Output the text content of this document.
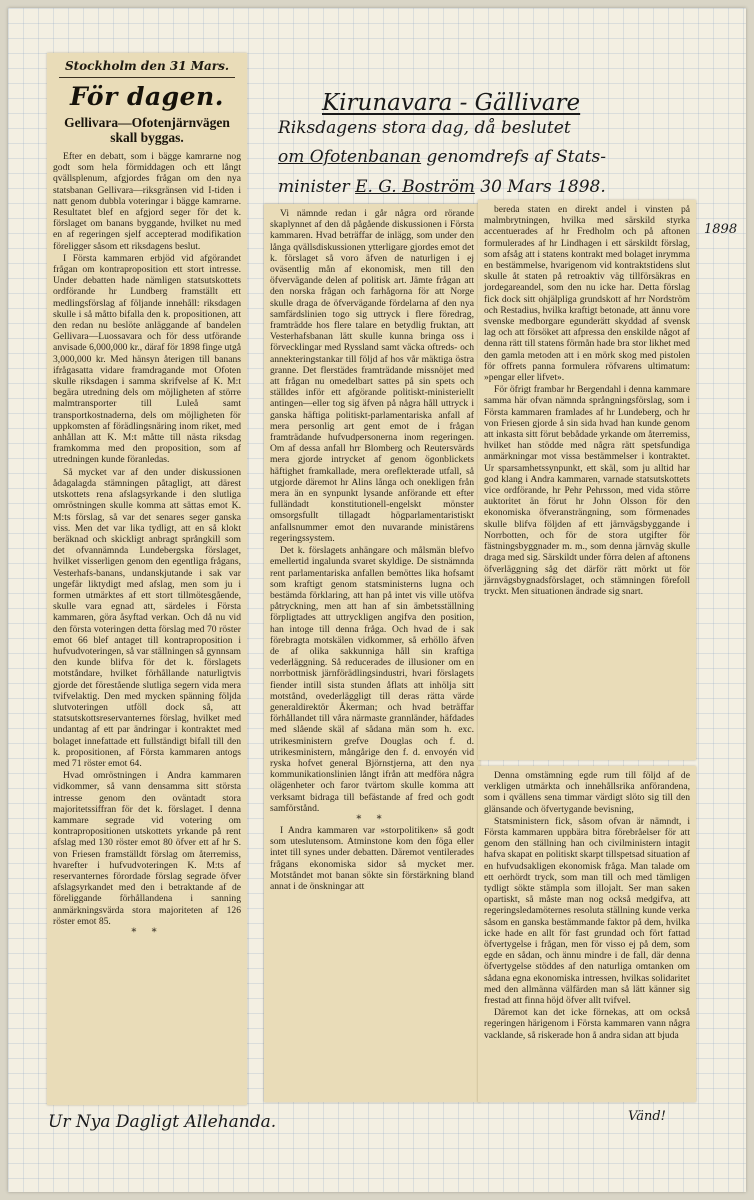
Kirunavara - Gällivare
Riksdagens stora dag, då beslutet
om Ofotenbanan genomdrefs af Stats-
minister E. G. Boström 30 Mars 1898.
1898
Ur Nya Dagligt Allehanda.	Vänd!
Stockholm den 31 Mars.
För dagen.
Gellivara—Ofotenjärnvägen skall byggas.

Efter en debatt, som i bägge kamrarne nog godt som hela förmiddagen och ett långt qvällsplenum, afgjordes frågan om den nya statsbanan Gellivara—riksgränsen vid I-tiden i natt genom dubbla voteringar i bägge kamrarne. Resultatet blef en afgjord seger för det k. förslaget om banans byggande, hvilket nu med en af regeringen sjelf accepterad modifikation föreligger såsom ett riksdagens beslut.

I Första kammaren erbjöd vid afgörandet frågan om kontraproposition ett stort intresse. Under debatten hade nämligen statsutskottets ordförande hr Lundberg framställt ett medlingsförslag af följande innehåll: riksdagen skulle i så måtto bifalla den k. propositionen, att den redan nu beslöte anläggande af bandelen Gellivara—Luossavara och för dess utförande anvisade 6,000,000 kr., däraf för 1898 finge utgå 3,000,000 kr. Med hänsyn återigen till banans ifrågasatta vidare framdragande mot Ofoten skulle riksdagen i samma skrifvelse af K. M:t begära utredning dels om möjligheten af större malmtransporter till Luleå samt transportkostnaderna, dels om möjligheten för uppkomsten af förädlingsnäring inom riket, med anhållan att K. M:t måtte till nästa riksdag framkomma med den proposition, som af utredningen kunde föranledas.

Så mycket var af den under diskussionen ådagalagda stämningen påtagligt, att därest utskottets rena afslagsyrkande i den slutliga omröstningen skulle komma att sättas emot K. M:ts förslag, så var det senares seger ganska viss. Men det var lika tydligt, att en så klokt beräknad och skickligt anbragt språngkill som det ofvannämnda Lundebergska förslaget, hvilket visserligen genom den egentliga frågans, Vesterhafs-banans, undanskjutande i sak var ungefär liktydigt med afslag, men som ju i formen utmärktes af ett stort tillmötesgående, skulle vara egnad att, särdeles i Första kammaren, göra åsyftad verkan. Och då nu vid den första voteringen detta förslag med 70 röster emot 66 blef antaget till kontraproposition i hufvudvoteringen, så var ställningen så gynnsam den kunde blifva för det k. förslagets motståndare, hvilket förhållande naturligtvis gjorde det förestående slutliga segern vida mera tvifvelaktig. Den med mycken spänning följda slutvoteringen utföll dock så, att statsutskottsreservanternes förslag, hvilket med undantag af ett par ändringar i kontraktet med bolaget innefattade ett fullständigt bifall till den k. propositionen, af Första kammaren antogs med 71 röster emot 64.

Hvad omröstningen i Andra kammaren vidkommer, så vann densamma sitt största intresse genom den oväntadt stora majoritetssiffran för det k. förslaget. I denna kammare segrade vid votering om kontrapropositionen utskottets yrkande på rent afslag med 130 röster emot 80 öfver ett af hr S. von Friesen framställdt förslag om återremiss, hvarefter i hufvudvoteringen K. M:ts af reservanternes förordade förslag segrade öfver afslagsyrkandet med den i betraktande af de föreliggande förhållandena i sanning anmärkningsvärda stora majoriteten af 126 röster emot 85.

* *

Vi nämnde redan i går några ord rörande skaplynnet af den då pågående diskussionen i Första kammaren. Hvad beträffar de inlägg, som under den långa qvällsdiskussionen ytterligare gjordes emot det k. förslaget så voro äfven de naturligen i ej oväsentlig mån af ekonomisk, men till den öfvervägande delen af politisk art. Jämte frågan att den norska frågan och farhågorna för att Norge skulle draga de öfvervägande fördelarna af den nya samfärdslinien togo sig uttryck i flere föredrag, framträdde hos flere talare en betydlig fruktan, att Vesterhafsbanan lätt skulle kunna bringa oss i förvecklingar med Ryssland samt väcka oftreds- och annekteringstankar till följd af hos vår mäktiga östra granne. Det flerstädes framträdande missnöjet med att frågan nu omedelbart sattes på sin spets och ställdes inför ett afgörande politiskt-ministeriellt antingen—eller tog sig äfven på några håll uttryck i ganska häftiga politiskt-parlamentariska anfall af mera personlig art gent emot de i frågan framträdande hufvudpersonerna inom regeringen. Om af dessa anfall hrr Blomberg och Reutersvärds mera gjorde intrycket af genom ögonblickets häftighet framkallade, mera oreflekterade utfall, så utgjorde däremot hr Alins långa och onekligen från mera än en synpunkt lysande anförande ett efter fulländadt konstitutionell-engelskt mönster omsorgsfullt tillagadt högparlamentaristiskt anfallsnummer emot den nuvarande ministärens regeringssystem.

Det k. förslagets anhängare och målsmän blefvo emellertid ingalunda svaret skyldige. De sistnämnda rent parlamentariska anfallen bemöttes lika hofsamt som kraftigt genom statsministerns lugna och bestämda förklaring, att han på intet vis ville utöfva påtryckning, men att han af sin ämbetsställning förpligtades att uttryckligen angifva den position, han intoge till denna fråga. Och hvad de i sak förebragta motskälen vidkommer, så erhöllo äfven de af olika sakkunniga håll sin kraftiga vederläggning. Så reducerades de illusioner om en norrbottnisk järnförädlingsindustri, hvari förslagets fiender intill sista stunden åflats att inhölja sitt motstånd, ovederläggligt till deras rätta värde generaldirektör Åkerman; och hvad beträffar förhållandet till våra närmaste grannländer, häfdades med slående skäl af sådana män som h. exc. utrikesministern grefve Douglas och f. d. utrikesministern, mångårige den f. d. envoyén vid ryska hofvet general Björnstjerna, att den nya kommunikationslinien långt ifrån att medföra några olägenheter och faror tvärtom skulle komma att verksamt bidraga till befästande af fred och godt samförstånd.

* *

I Andra kammaren var »storpolitiken» så godt som uteslutensom. Atminstone kom den föga eller intet till synes under debatten. Däremot ventilerades frågans ekonomiska sidor så mycket mer. Motståndet mot banan sökte sin förstärkning bland annat i de önskningar att

bereda staten en direkt andel i vinsten på malmbrytningen, hvilka med särskild styrka accentuerades af hr Fredholm och på aftonen formulerades af hr Lindhagen i ett särskildt förslag, som afsåg att i statens kontrakt med bolaget inrymma en bestämmelse, hvarigenom vid kontraktstidens slut skulle åt staten på retroaktiv väg tillförsäkras en jordegareandel, som den nu icke har. Detta förslag fick dock sitt ohjälpliga grundskott af hrr Nordström och Restadius, hvilka kraftigt betonade, att ännu vore svenske medborgare egunderätt skyddad af svensk lag och att försöket att afpressa den enskilde något af denna rätt till statens förmån hade bra stor likhet med den gamla metoden att i en mörk skog med pistolen för offrets panna formulera röfvarens ultimatum: »pengar eller lifvet».

För öfrigt frambar hr Bergendahl i denna kammare samma här ofvan nämnda språngningsförslag, som i Första kammaren framlades af hr Lundeberg, och hr von Friesen gjorde å sin sida hvad han kunde genom att inkasta sitt förut bebådade yrkande om återremiss, hvilket han stödde med några rätt spetsfundiga anmärkningar mot vissa bestämmelser i kontraktet. Ur sparsamhetssynpunkt, ett skäl, som ju alltid har god klang i Andra kammaren, varnade statsutskottets vice ordförande, hr Pehr Pehrsson, med vida större auktoritet än förut hr John Olsson för den ekonomiska öfveransträngning, som förmenades skulle blifva följden af ett järnvägsbyggande i Norrbotten, och för de stora utgifter för fästningsbyggnader m. m., som denna järnväg skulle draga med sig. Särskildt under förra delen af aftonens öfverläggning såg det därför rätt mörkt ut för järnvägsbygnadsförslaget, och stämningen förefoll tryckt. Men situationen ändrade sig snart.

Denna omstämning egde rum till följd af de verkligen utmärkta och innehållsrika anförandena, som i qvällens sena timmar värdigt slöto sig till den glänsande och öfvertygande bevisning,

Statsministern fick, såsom ofvan är nämndt, i Första kammaren uppbära bitra förebråelser för att genom den ställning han och civilministern intagit hafva skapat en politiskt skarpt tillspetsad situation af en hufvudsakligen ekonomisk fråga. Man talade om ett oerhördt tryck, som man till och med tämligen tydligt sökte stämpla som illojalt. Ser man saken opartiskt, så måste man nog också medgifva, att regeringsledamöternes resoluta ställning kunde verka såsom en ganska bestämmande faktor på dem, hvilka icke hade en allt för fast grundad och fört fattad öfvertygelse i frågan, men för visso ej på dem, som egde en sådan, och ännu mindre i de fall, där denna öfvertygelse stöddes af den naturliga omtanken om sådana egna ekonomiska intressen, hvilkas solidaritet med den allmänna välfärden man så lätt känner sig frestad att finna höjd öfver allt tvifvel.

Däremot kan det icke förnekas, att om också regeringen härigenom i Första kammaren vann några vacklande, så riskerade hon å andra sidan att bjuda
